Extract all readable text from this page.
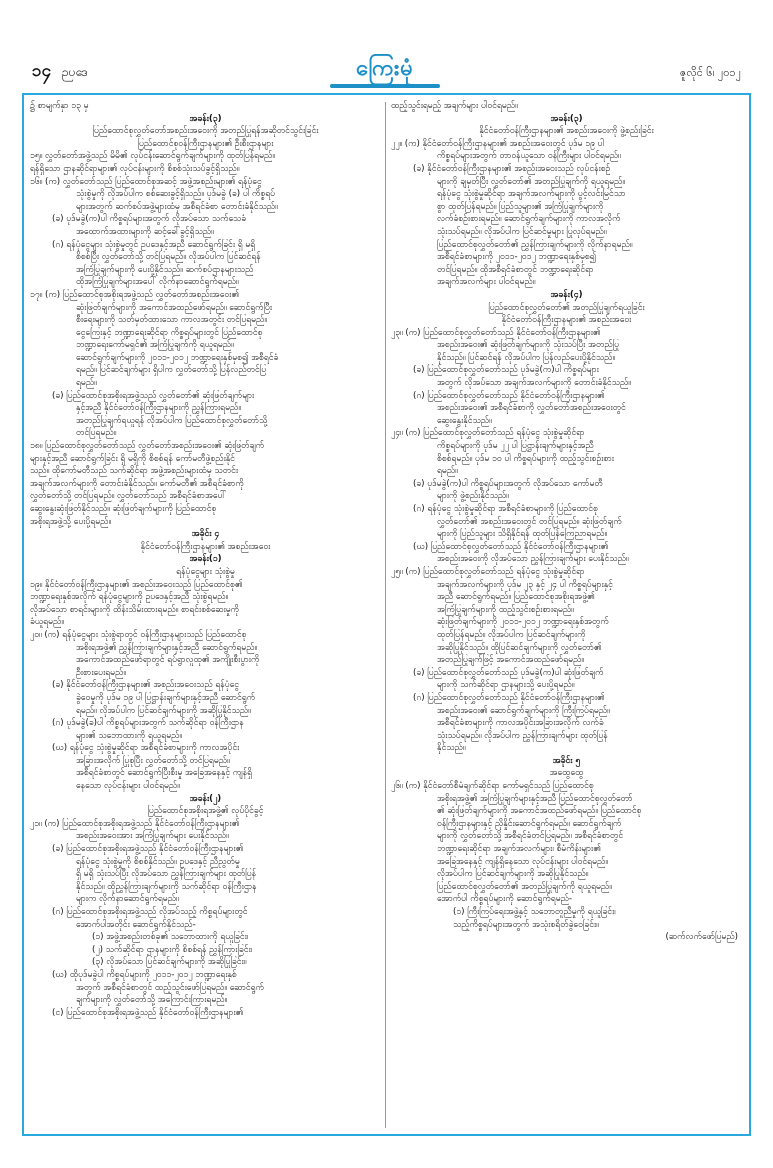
၁၄ ဉပဒေ	ကြေးမုံ	ဇူလိုင် ၆၊ ၂၀၁၂
၌ စာမျက်နှာ ၁၃ မှ
အခန်း(၃)
ပြည်ထောင်စုလွှတ်တော်အစည်းအဝေးကို အတည်ပြုရန်အဆိုတင်သွင်းခြင်း
ပြည်ထောင်စုဝန်ကြီးဌာနများ၏ ဦးစီးဌာနများ
၁၅။ လွှတ်တော်အဖွဲ့သည် မိမိ၏ လုပ်ငန်းဆောင်ရွက်ချက်များကို ထုတ်ပြန်ရမည်။
ရန်ရှိသော ဌာနဆိုင်ရာများ၏ လုပ်ငန်းများကို စိစစ်သုံးသပ်ခွင့်ရှိသည်။
၁၆။ (က) လွှတ်တော်သည် ပြည်ထောင်စုအဆင့် အဖွဲ့အစည်းများ၏ ရန်ပုံငွေ
သုံးစွဲမှုကို လိုအပ်ပါက စစ်ဆေးခွင့်ရှိသည်။ ပုဒ်မခွဲ (ခ) ပါ ကိစ္စရပ်
များအတွက် ဆက်စပ်အဖွဲ့များထံမှ အစီရင်ခံစာ တောင်းခံနိုင်သည်။
(ခ) ပုဒ်မခွဲ(က)ပါ ကိစ္စရပ်များအတွက် လိုအပ်သော သက်သေခံ
အထောက်အထားများကို ဆင့်ခေါ်ခွင့်ရှိသည်။
(ဂ) ရန်ပုံငွေများ သုံးစွဲမှုတွင် ဥပဒေနှင့်အညီ ဆောင်ရွက်ခြင်း ရှိ မရှိ
စိစစ်ပြီး လွှတ်တော်သို့ တင်ပြရမည်။ လိုအပ်ပါက ပြင်ဆင်ရန်
အကြံပြုချက်များကို ပေးပို့နိုင်သည်။ ဆက်စပ်ဌာနများသည်
ထိုအကြံပြုချက်များအပေါ် လိုက်နာဆောင်ရွက်ရမည်။
၁၇။ (က) ပြည်ထောင်စုအစိုးရအဖွဲ့သည် လွှတ်တော်အစည်းအဝေး၏
ဆုံးဖြတ်ချက်များကို အကောင်အထည်ဖော်ရမည်။ ဆောင်ရွက်ပြီး
စီးရေးများကို သတ်မှတ်ထားသော ကာလအတွင်း တင်ပြရမည်။
ငွေကြေးနှင့် ဘဏ္ဍာရေးဆိုင်ရာ ကိစ္စရပ်များတွင် ပြည်ထောင်စု
ဘဏ္ဍာရေးကော်မရှင်၏ အကြံပြုချက်ကို ရယူရမည်။
ဆောင်ရွက်ချက်များကို ၂၀၁၁-၂၀၁၂ ဘဏ္ဍာရေးနှစ်မှစ၍ အစီရင်ခံ
ရမည်။ ပြင်ဆင်ချက်များ ရှိပါက လွှတ်တော်သို့ ပြန်လည်တင်ပြ
ရမည်။
(ခ) ပြည်ထောင်စုအစိုးရအဖွဲ့သည် လွှတ်တော်၏ ဆုံးဖြတ်ချက်များ
နှင့်အညီ နိုင်ငံတော်ဝန်ကြီးဌာနများကို ညွှန်ကြားရမည်။
အတည်ပြုချက်ရယူရန် လိုအပ်ပါက ပြည်ထောင်စုလွှတ်တော်သို့
တင်ပြရမည်။
၁၈။ ပြည်ထောင်စုလွှတ်တော်သည် လွှတ်တော်အစည်းအဝေး၏ ဆုံးဖြတ်ချက်
များနှင့်အညီ ဆောင်ရွက်ခြင်း ရှိ မရှိကို စိစစ်ရန် ကော်မတီဖွဲ့စည်းနိုင်
သည်။ ထိုကော်မတီသည် သက်ဆိုင်ရာ အဖွဲ့အစည်းများထံမှ သတင်း
အချက်အလက်များကို တောင်းခံနိုင်သည်။ ကော်မတီ၏ အစီရင်ခံစာကို
လွှတ်တော်သို့ တင်ပြရမည်။ လွှတ်တော်သည် အစီရင်ခံစာအပေါ်
ဆွေးနွေးဆုံးဖြတ်နိုင်သည်။ ဆုံးဖြတ်ချက်များကို ပြည်ထောင်စု
အစိုးရအဖွဲ့သို့ ပေးပို့ရမည်။
အခိုင်း ၄
နိုင်ငံတော်ဝန်ကြီးဌာနများ၏ အစည်းအဝေး
အခန်း(၁)
ရန်ပုံငွေများ သုံးစွဲမှု
၁၉။ နိုင်ငံတော်ဝန်ကြီးဌာနများ၏ အစည်းအဝေးသည် ပြည်ထောင်စု၏
ဘဏ္ဍာရေးနှစ်အလိုက် ရန်ပုံငွေများကို ဥပဒေနှင့်အညီ သုံးစွဲရမည်။
လိုအပ်သော စာရင်းများကို ထိန်းသိမ်းထားရမည်။ စာရင်းစစ်ဆေးမှုကို
ခံယူရမည်။
၂၀။ (က) ရန်ပုံငွေများ သုံးစွဲရာတွင် ဝန်ကြီးဌာနများသည် ပြည်ထောင်စု
အစိုးရအဖွဲ့၏ ညွှန်ကြားချက်များနှင့်အညီ ဆောင်ရွက်ရမည်။
အကောင်အထည်ဖော်ရာတွင် ရပ်ရွာလူထု၏ အကျိုးစီးပွားကို
ဦးစားပေးရမည်။
(ခ) နိုင်ငံတော်ဝန်ကြီးဌာနများ၏ အစည်းအဝေးသည် ရန်ပုံငွေ
ခွဲဝေမှုကို ပုဒ်မ ၁၉ ပါ ပြဋ္ဌာန်းချက်များနှင့်အညီ ဆောင်ရွက်
ရမည်။ လိုအပ်ပါက ပြင်ဆင်ချက်များကို အဆိုပြုနိုင်သည်။
(ဂ) ပုဒ်မခွဲ(ခ)ပါ ကိစ္စရပ်များအတွက် သက်ဆိုင်ရာ ဝန်ကြီးဌာန
များ၏ သဘောထားကို ရယူရမည်။
(ဃ) ရန်ပုံငွေ သုံးစွဲမှုဆိုင်ရာ အစီရင်ခံစာများကို ကာလအပိုင်း
အခြားအလိုက် ပြုစုပြီး လွှတ်တော်သို့ တင်ပြရမည်။
အစီရင်ခံစာတွင် ဆောင်ရွက်ပြီးစီးမှု အခြေအနေနှင့် ကျန်ရှိ
နေသော လုပ်ငန်းများ ပါဝင်ရမည်။
အခန်း(၂)
ပြည်ထောင်စုအစိုးရအဖွဲ့၏ လုပ်ပိုင်ခွင့်
၂၁။ (က) ပြည်ထောင်စုအစိုးရအဖွဲ့သည် နိုင်ငံတော်ဝန်ကြီးဌာနများ၏
အစည်းအဝေးအား အကြံပြုချက်များ ပေးနိုင်သည်။
(ခ) ပြည်ထောင်စုအစိုးရအဖွဲ့သည် နိုင်ငံတော်ဝန်ကြီးဌာနများ၏
ရန်ပုံငွေ သုံးစွဲမှုကို စိစစ်နိုင်သည်။ ဥပဒေနှင့် ညီညွတ်မှု
ရှိ မရှိ သုံးသပ်ပြီး လိုအပ်သော ညွှန်ကြားချက်များ ထုတ်ပြန်
နိုင်သည်။ ထိုညွှန်ကြားချက်များကို သက်ဆိုင်ရာ ဝန်ကြီးဌာန
များက လိုက်နာဆောင်ရွက်ရမည်။
(ဂ) ပြည်ထောင်စုအစိုးရအဖွဲ့သည် လိုအပ်သည့် ကိစ္စရပ်များတွင်
အောက်ပါအတိုင်း ဆောင်ရွက်နိုင်သည်-
(၁) အဖွဲ့အစည်းတစ်ခု၏ သဘောထားကို ရယူခြင်း၊
(၂) သက်ဆိုင်ရာ ဌာနများကို စိစစ်ရန် ညွှန်ကြားခြင်း၊
(၃) လိုအပ်သော ပြင်ဆင်ချက်များကို အဆိုပြုခြင်း။
(ဃ) ထိုပုဒ်မခွဲပါ ကိစ္စရပ်များကို ၂၀၁၁-၂၀၁၂ ဘဏ္ဍာရေးနှစ်
အတွက် အစီရင်ခံစာတွင် ထည့်သွင်းဖော်ပြရမည်။ ဆောင်ရွက်
ချက်များကို လွှတ်တော်သို့ အကြောင်းကြားရမည်။
(င) ပြည်ထောင်စုအစိုးရအဖွဲ့သည် နိုင်ငံတော်ဝန်ကြီးဌာနများ၏
ထည့်သွင်းရမည့် အချက်များ ပါဝင်ရမည်။
အခန်း(၃)
နိုင်ငံတော်ဝန်ကြီးဌာနများ၏ အစည်းအဝေးကို ဖွဲ့စည်းခြင်း
၂၂။ (က) နိုင်ငံတော်ဝန်ကြီးဌာနများ၏ အစည်းအဝေးတွင် ပုဒ်မ ၁၉ ပါ
ကိစ္စရပ်များအတွက် တာဝန်ယူသော ဝန်ကြီးများ ပါဝင်ရမည်။
(ခ) နိုင်ငံတော်ဝန်ကြီးဌာနများ၏ အစည်းအဝေးသည် လုပ်ငန်းစဉ်
များကို ချမှတ်ပြီး လွှတ်တော်၏ အတည်ပြုချက်ကို ရယူရမည်။
ရန်ပုံငွေ သုံးစွဲမှုဆိုင်ရာ အချက်အလက်များကို ပွင့်လင်းမြင်သာ
စွာ ထုတ်ပြန်ရမည်။ ပြည်သူများ၏ အကြံပြုချက်များကို
လက်ခံစဉ်းစားရမည်။ ဆောင်ရွက်ချက်များကို ကာလအလိုက်
သုံးသပ်ရမည်။ လိုအပ်ပါက ပြင်ဆင်မှုများ ပြုလုပ်ရမည်။
ပြည်ထောင်စုလွှတ်တော်၏ ညွှန်ကြားချက်များကို လိုက်နာရမည်။
အစီရင်ခံစာများကို ၂၀၁၁-၂၀၁၂ ဘဏ္ဍာရေးနှစ်မှစ၍
တင်ပြရမည်။ ထိုအစီရင်ခံစာတွင် ဘဏ္ဍာရေးဆိုင်ရာ
အချက်အလက်များ ပါဝင်ရမည်။
အခန်း(၄)
ပြည်ထောင်စုလွှတ်တော်၏ အတည်ပြုချက်ရယူခြင်း
နိုင်ငံတော်ဝန်ကြီးဌာနများ၏ အစည်းအဝေး
၂၃။ (က) ပြည်ထောင်စုလွှတ်တော်သည် နိုင်ငံတော်ဝန်ကြီးဌာနများ၏
အစည်းအဝေး၏ ဆုံးဖြတ်ချက်များကို သုံးသပ်ပြီး အတည်ပြု
နိုင်သည်။ ပြင်ဆင်ရန် လိုအပ်ပါက ပြန်လည်ပေးပို့နိုင်သည်။
(ခ) ပြည်ထောင်စုလွှတ်တော်သည် ပုဒ်မခွဲ(က)ပါ ကိစ္စရပ်များ
အတွက် လိုအပ်သော အချက်အလက်များကို တောင်းခံနိုင်သည်။
(ဂ) ပြည်ထောင်စုလွှတ်တော်သည် နိုင်ငံတော်ဝန်ကြီးဌာနများ၏
အစည်းအဝေး၏ အစီရင်ခံစာကို လွှတ်တော်အစည်းအဝေးတွင်
ဆွေးနွေးနိုင်သည်။
၂၄။ (က) ပြည်ထောင်စုလွှတ်တော်သည် ရန်ပုံငွေ သုံးစွဲမှုဆိုင်ရာ
ကိစ္စရပ်များကို ပုဒ်မ ၂၂ ပါ ပြဋ္ဌာန်းချက်များနှင့်အညီ
စိစစ်ရမည်။ ပုဒ်မ ၁၀ ပါ ကိစ္စရပ်များကို ထည့်သွင်းစဉ်းစား
ရမည်။
(ခ) ပုဒ်မခွဲ(က)ပါ ကိစ္စရပ်များအတွက် လိုအပ်သော ကော်မတီ
များကို ဖွဲ့စည်းနိုင်သည်။
(ဂ) ရန်ပုံငွေ သုံးစွဲမှုဆိုင်ရာ အစီရင်ခံစာများကို ပြည်ထောင်စု
လွှတ်တော်၏ အစည်းအဝေးတွင် တင်ပြရမည်။ ဆုံးဖြတ်ချက်
များကို ပြည်သူများ သိရှိနိုင်ရန် ထုတ်ပြန်ကြေညာရမည်။
(ဃ) ပြည်ထောင်စုလွှတ်တော်သည် နိုင်ငံတော်ဝန်ကြီးဌာနများ၏
အစည်းအဝေးကို လိုအပ်သော ညွှန်ကြားချက်များ ပေးနိုင်သည်။
၂၅။ (က) ပြည်ထောင်စုလွှတ်တော်သည် ရန်ပုံငွေ သုံးစွဲမှုဆိုင်ရာ
အချက်အလက်များကို ပုဒ်မ ၂၃ နှင့် ၂၄ ပါ ကိစ္စရပ်များနှင့်
အညီ ဆောင်ရွက်ရမည်။ ပြည်ထောင်စုအစိုးရအဖွဲ့၏
အကြံပြုချက်များကို ထည့်သွင်းစဉ်းစားရမည်။
ဆုံးဖြတ်ချက်များကို ၂၀၁၁-၂၀၁၂ ဘဏ္ဍာရေးနှစ်အတွက်
ထုတ်ပြန်ရမည်။ လိုအပ်ပါက ပြင်ဆင်ချက်များကို
အဆိုပြုနိုင်သည်။ ထိုပြင်ဆင်ချက်များကို လွှတ်တော်၏
အတည်ပြုချက်ဖြင့် အကောင်အထည်ဖော်ရမည်။
(ခ) ပြည်ထောင်စုလွှတ်တော်သည် ပုဒ်မခွဲ(က)ပါ ဆုံးဖြတ်ချက်
များကို သက်ဆိုင်ရာ ဌာနများသို့ ပေးပို့ရမည်။
(ဂ) ပြည်ထောင်စုလွှတ်တော်သည် နိုင်ငံတော်ဝန်ကြီးဌာနများ၏
အစည်းအဝေး၏ ဆောင်ရွက်ချက်များကို ကြီးကြပ်ရမည်။
အစီရင်ခံစာများကို ကာလအပိုင်းအခြားအလိုက် လက်ခံ
သုံးသပ်ရမည်။ လိုအပ်ပါက ညွှန်ကြားချက်များ ထုတ်ပြန်
နိုင်သည်။
အခိုင်း ၅
အထွေထွေ
၂၆။ (က) နိုင်ငံတော်စီမံချက်ဆိုင်ရာ ကော်မရှင်သည် ပြည်ထောင်စု
အစိုးရအဖွဲ့၏ အကြံပြုချက်များနှင့်အညီ ပြည်ထောင်စုလွှတ်တော်
၏ ဆုံးဖြတ်ချက်များကို အကောင်အထည်ဖော်ရမည်။ ပြည်ထောင်စု
ဝန်ကြီးဌာနများနှင့် ညှိနှိုင်းဆောင်ရွက်ရမည်။ ဆောင်ရွက်ချက်
များကို လွှတ်တော်သို့ အစီရင်ခံတင်ပြရမည်။ အစီရင်ခံစာတွင်
ဘဏ္ဍာရေးဆိုင်ရာ အချက်အလက်များ၊ စီမံကိန်းများ၏
အခြေအနေနှင့် ကျန်ရှိနေသော လုပ်ငန်းများ ပါဝင်ရမည်။
လိုအပ်ပါက ပြင်ဆင်ချက်များကို အဆိုပြုနိုင်သည်။
ပြည်ထောင်စုလွှတ်တော်၏ အတည်ပြုချက်ကို ရယူရမည်။
အောက်ပါ ကိစ္စရပ်များကို ဆောင်ရွက်ရမည်-
(၁) ကြီးကြပ်ရေးအဖွဲ့နှင့် သဘောတူညီမှုကို ရယူခြင်း၊
သည့်ကိစ္စရပ်များအတွက် အသုံးစရိတ်ခွဲဝေခြင်း။
(ဆက်လက်ဖော်ပြမည်)
